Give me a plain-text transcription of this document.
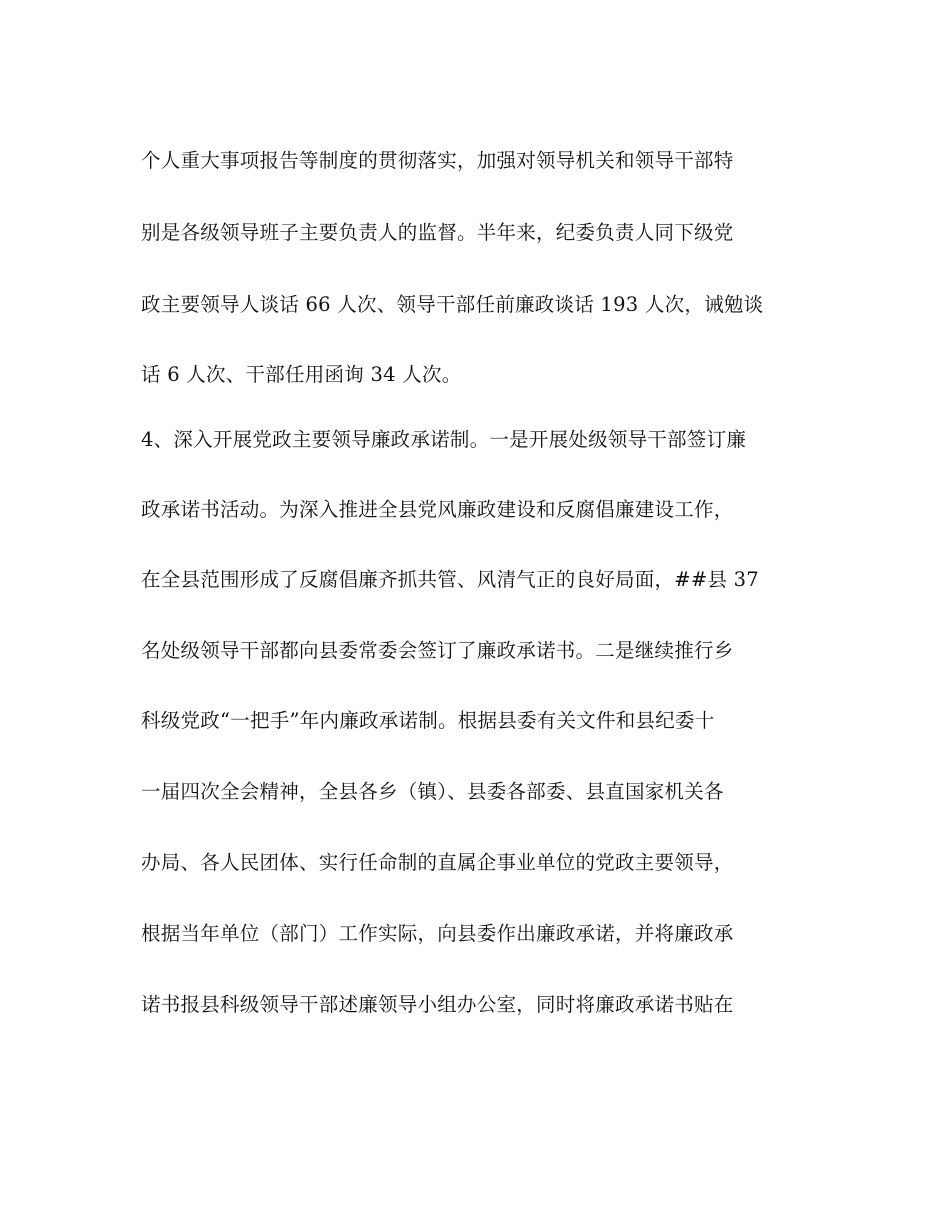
个人重大事项报告等制度的贯彻落实，加强对领导机关和领导干部特
别是各级领导班子主要负责人的监督。半年来，纪委负责人同下级党
政主要领导人谈话 66 人次、领导干部任前廉政谈话 193 人次，诫勉谈
话 6 人次、干部任用函询 34 人次。
4、深入开展党政主要领导廉政承诺制。一是开展处级领导干部签订廉
政承诺书活动。为深入推进全县党风廉政建设和反腐倡廉建设工作，
在全县范围形成了反腐倡廉齐抓共管、风清气正的良好局面，##县 37
名处级领导干部都向县委常委会签订了廉政承诺书。二是继续推行乡
科级党政“一把手”年内廉政承诺制。根据县委有关文件和县纪委十
一届四次全会精神，全县各乡（镇）、县委各部委、县直国家机关各
办局、各人民团体、实行任命制的直属企事业单位的党政主要领导，
根据当年单位（部门）工作实际，向县委作出廉政承诺，并将廉政承
诺书报县科级领导干部述廉领导小组办公室，同时将廉政承诺书贴在
